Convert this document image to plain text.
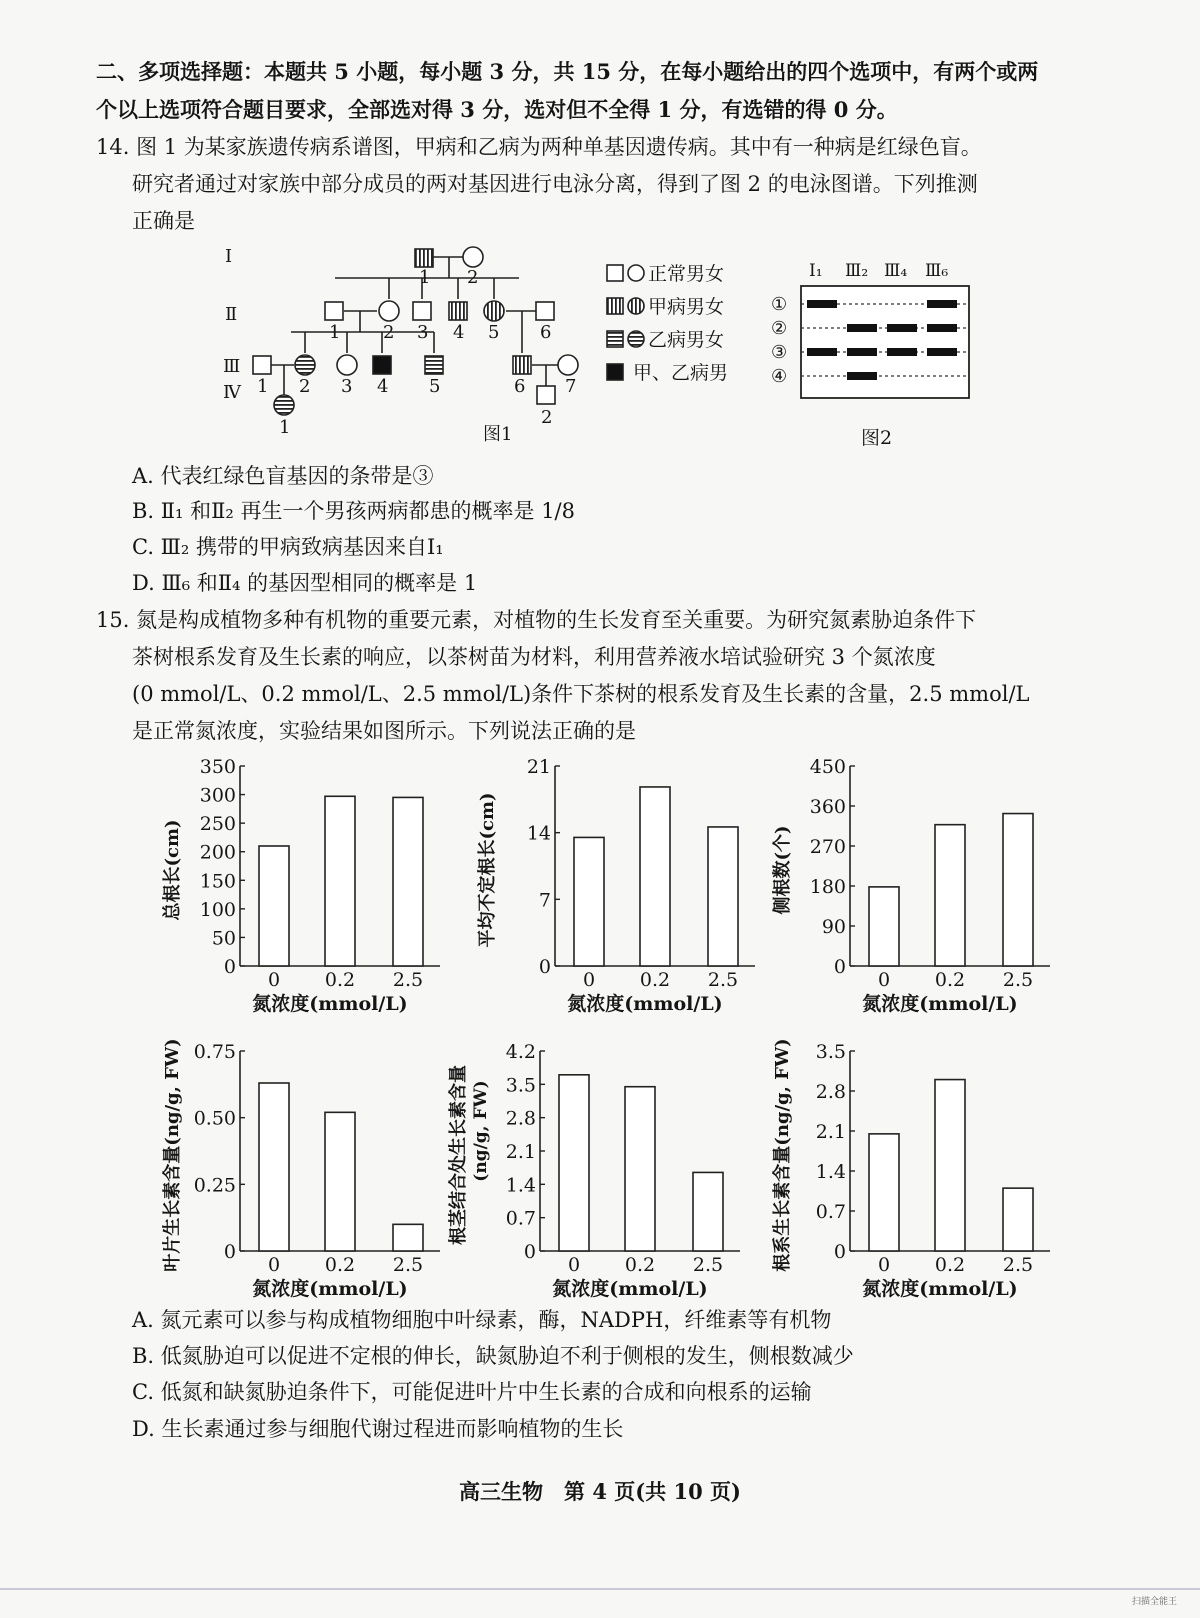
二、多项选择题：本题共 5 小题，每小题 3 分，共 15 分，在每小题给出的四个选项中，有两个或两
个以上选项符合题目要求，全部选对得 3 分，选对但不全得 1 分，有选错的得 0 分。
14. 图 1 为某家族遗传病系谱图，甲病和乙病为两种单基因遗传病。其中有一种病是红绿色盲。
研究者通过对家族中部分成员的两对基因进行电泳分离，得到了图 2 的电泳图谱。下列推测
正确是
Ⅰ
Ⅱ
Ⅲ
Ⅳ
1 2
1 2 3 4 5 6
1 2 3 4 5	6 7
1	2
图1
正常男女
甲病男女
乙病男女
甲、乙病男
Ⅰ₁ Ⅲ₂ Ⅲ₄ Ⅲ₆
①
②
③
④
图2
A. 代表红绿色盲基因的条带是③
B. Ⅱ₁ 和Ⅱ₂ 再生一个男孩两病都患的概率是 1/8
C. Ⅲ₂ 携带的甲病致病基因来自Ⅰ₁
D. Ⅲ₆ 和Ⅱ₄ 的基因型相同的概率是 1
15. 氮是构成植物多种有机物的重要元素，对植物的生长发育至关重要。为研究氮素胁迫条件下
茶树根系发育及生长素的响应，以茶树苗为材料，利用营养液水培试验研究 3 个氮浓度
(0 mmol/L、0.2 mmol/L、2.5 mmol/L)条件下茶树的根系发育及生长素的含量，2.5 mmol/L
是正常氮浓度，实验结果如图所示。下列说法正确的是
0
50
100
150
200
250
300
350
0 0.2 2.5
氮浓度(mmol/L)
总根长(cm)
0
7
14
21
0 0.2 2.5
氮浓度(mmol/L)
平均不定根长(cm)
0
90
180
270
360
450
0 0.2 2.5
氮浓度(mmol/L)
侧根数(个)
0
0.25
0.50
0.75
0 0.2 2.5
氮浓度(mmol/L)
叶片生长素含量(ng/g, FW)	0
0.7
1.4
2.1
2.8
3.5
4.2
0 0.2 2.5
氮浓度(mmol/L)
根茎结合处生长素含量 (ng/g, FW)
0
0.7
1.4
2.1
2.8
3.5
0 0.2 2.5
氮浓度(mmol/L)
根系生长素含量(ng/g, FW)
A. 氮元素可以参与构成植物细胞中叶绿素，酶，NADPH，纤维素等有机物
B. 低氮胁迫可以促进不定根的伸长，缺氮胁迫不利于侧根的发生，侧根数减少
C. 低氮和缺氮胁迫条件下，可能促进叶片中生长素的合成和向根系的运输
D. 生长素通过参与细胞代谢过程进而影响植物的生长
高三生物　第 4 页(共 10 页)
扫描全能王
